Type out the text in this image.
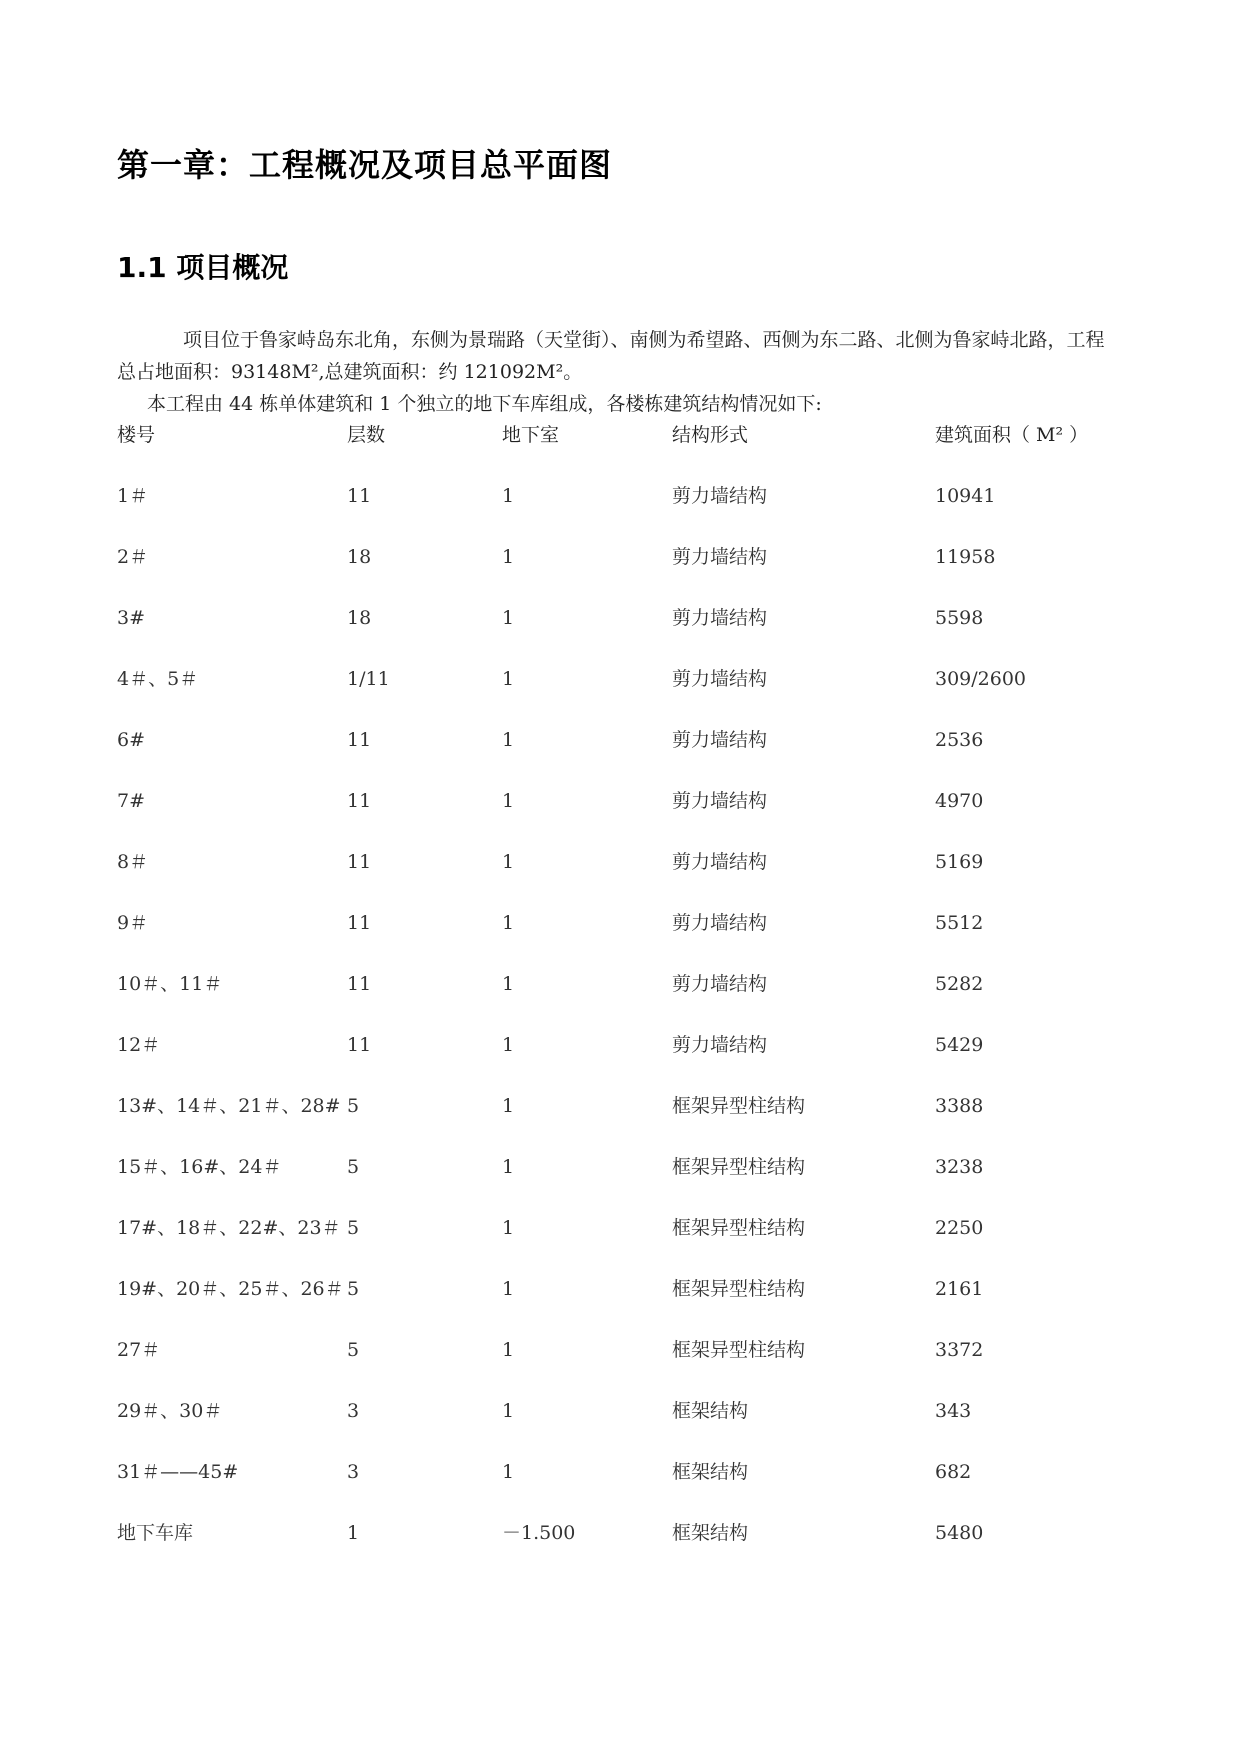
第一章：工程概况及项目总平面图
1.1 项目概况
项目位于鲁家峙岛东北角，东侧为景瑞路（天堂街）、南侧为希望路、西侧为东二路、北侧为鲁家峙北路，工程总占地面积：93148M²,总建筑面积：约 121092M²。
本工程由 44 栋单体建筑和 1 个独立的地下车库组成，各楼栋建筑结构情况如下:
楼号	层数	地下室	结构形式	建筑面积（ M² ）
1＃	11	1	剪力墙结构	10941
2＃	18	1	剪力墙结构	11958
3#	18	1	剪力墙结构	5598
4＃、5＃	1/11	1	剪力墙结构	309/2600
6#	11	1	剪力墙结构	2536
7#	11	1	剪力墙结构	4970
8＃	11	1	剪力墙结构	5169
9＃	11	1	剪力墙结构	5512
10＃、11＃	11	1	剪力墙结构	5282
12＃	11	1	剪力墙结构	5429
13#、14＃、21＃、28# 5	1	框架异型柱结构	3388
15＃、16#、24＃	5	1	框架异型柱结构	3238
17#、18＃、22#、23＃ 5	1	框架异型柱结构	2250
19#、20＃、25＃、26＃ 5	1	框架异型柱结构	2161
27＃	5	1	框架异型柱结构	3372
29＃、30＃	3	1	框架结构	343
31＃——45#	3	1	框架结构	682
地下车库	1	－1.500	框架结构	5480
